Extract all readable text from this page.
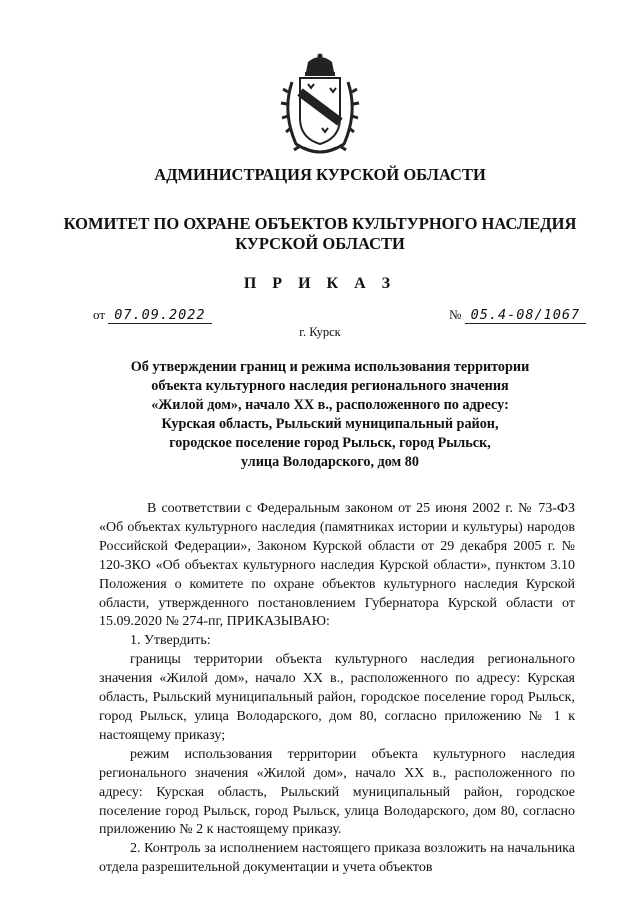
АДМИНИСТРАЦИЯ КУРСКОЙ ОБЛАСТИ
КОМИТЕТ ПО ОХРАНЕ ОБЪЕКТОВ КУЛЬТУРНОГО НАСЛЕДИЯ
КУРСКОЙ ОБЛАСТИ
П Р И К А З
от 07.09.2022	№ 05.4-08/1067
г. Курск
Об утверждении границ и режима использования территории
объекта культурного наследия регионального значения
«Жилой дом», начало XX в., расположенного по адресу:
Курская область, Рыльский муниципальный район,
городское поселение город Рыльск, город Рыльск,
улица Володарского, дом 80

В соответствии с Федеральным законом от 25 июня 2002 г. № 73-ФЗ «Об объектах культурного наследия (памятниках истории и культуры) народов Российской Федерации», Законом Курской области от 29 декабря 2005 г. № 120-ЗКО «Об объектах культурного наследия Курской области», пунктом 3.10 Положения о комитете по охране объектов культурного наследия Курской области, утвержденного постановлением Губернатора Курской области от 15.09.2020 № 274-пг, ПРИКАЗЫВАЮ:

1. Утвердить:

границы территории объекта культурного наследия регионального значения «Жилой дом», начало XX в., расположенного по адресу: Курская область, Рыльский муниципальный район, городское поселение город Рыльск, город Рыльск, улица Володарского, дом 80, согласно приложению № 1 к настоящему приказу;

режим использования территории объекта культурного наследия регионального значения «Жилой дом», начало XX в., расположенного по адресу: Курская область, Рыльский муниципальный район, городское поселение город Рыльск, город Рыльск, улица Володарского, дом 80, согласно приложению № 2 к настоящему приказу.

2. Контроль за исполнением настоящего приказа возложить на начальника отдела разрешительной документации и учета объектов
